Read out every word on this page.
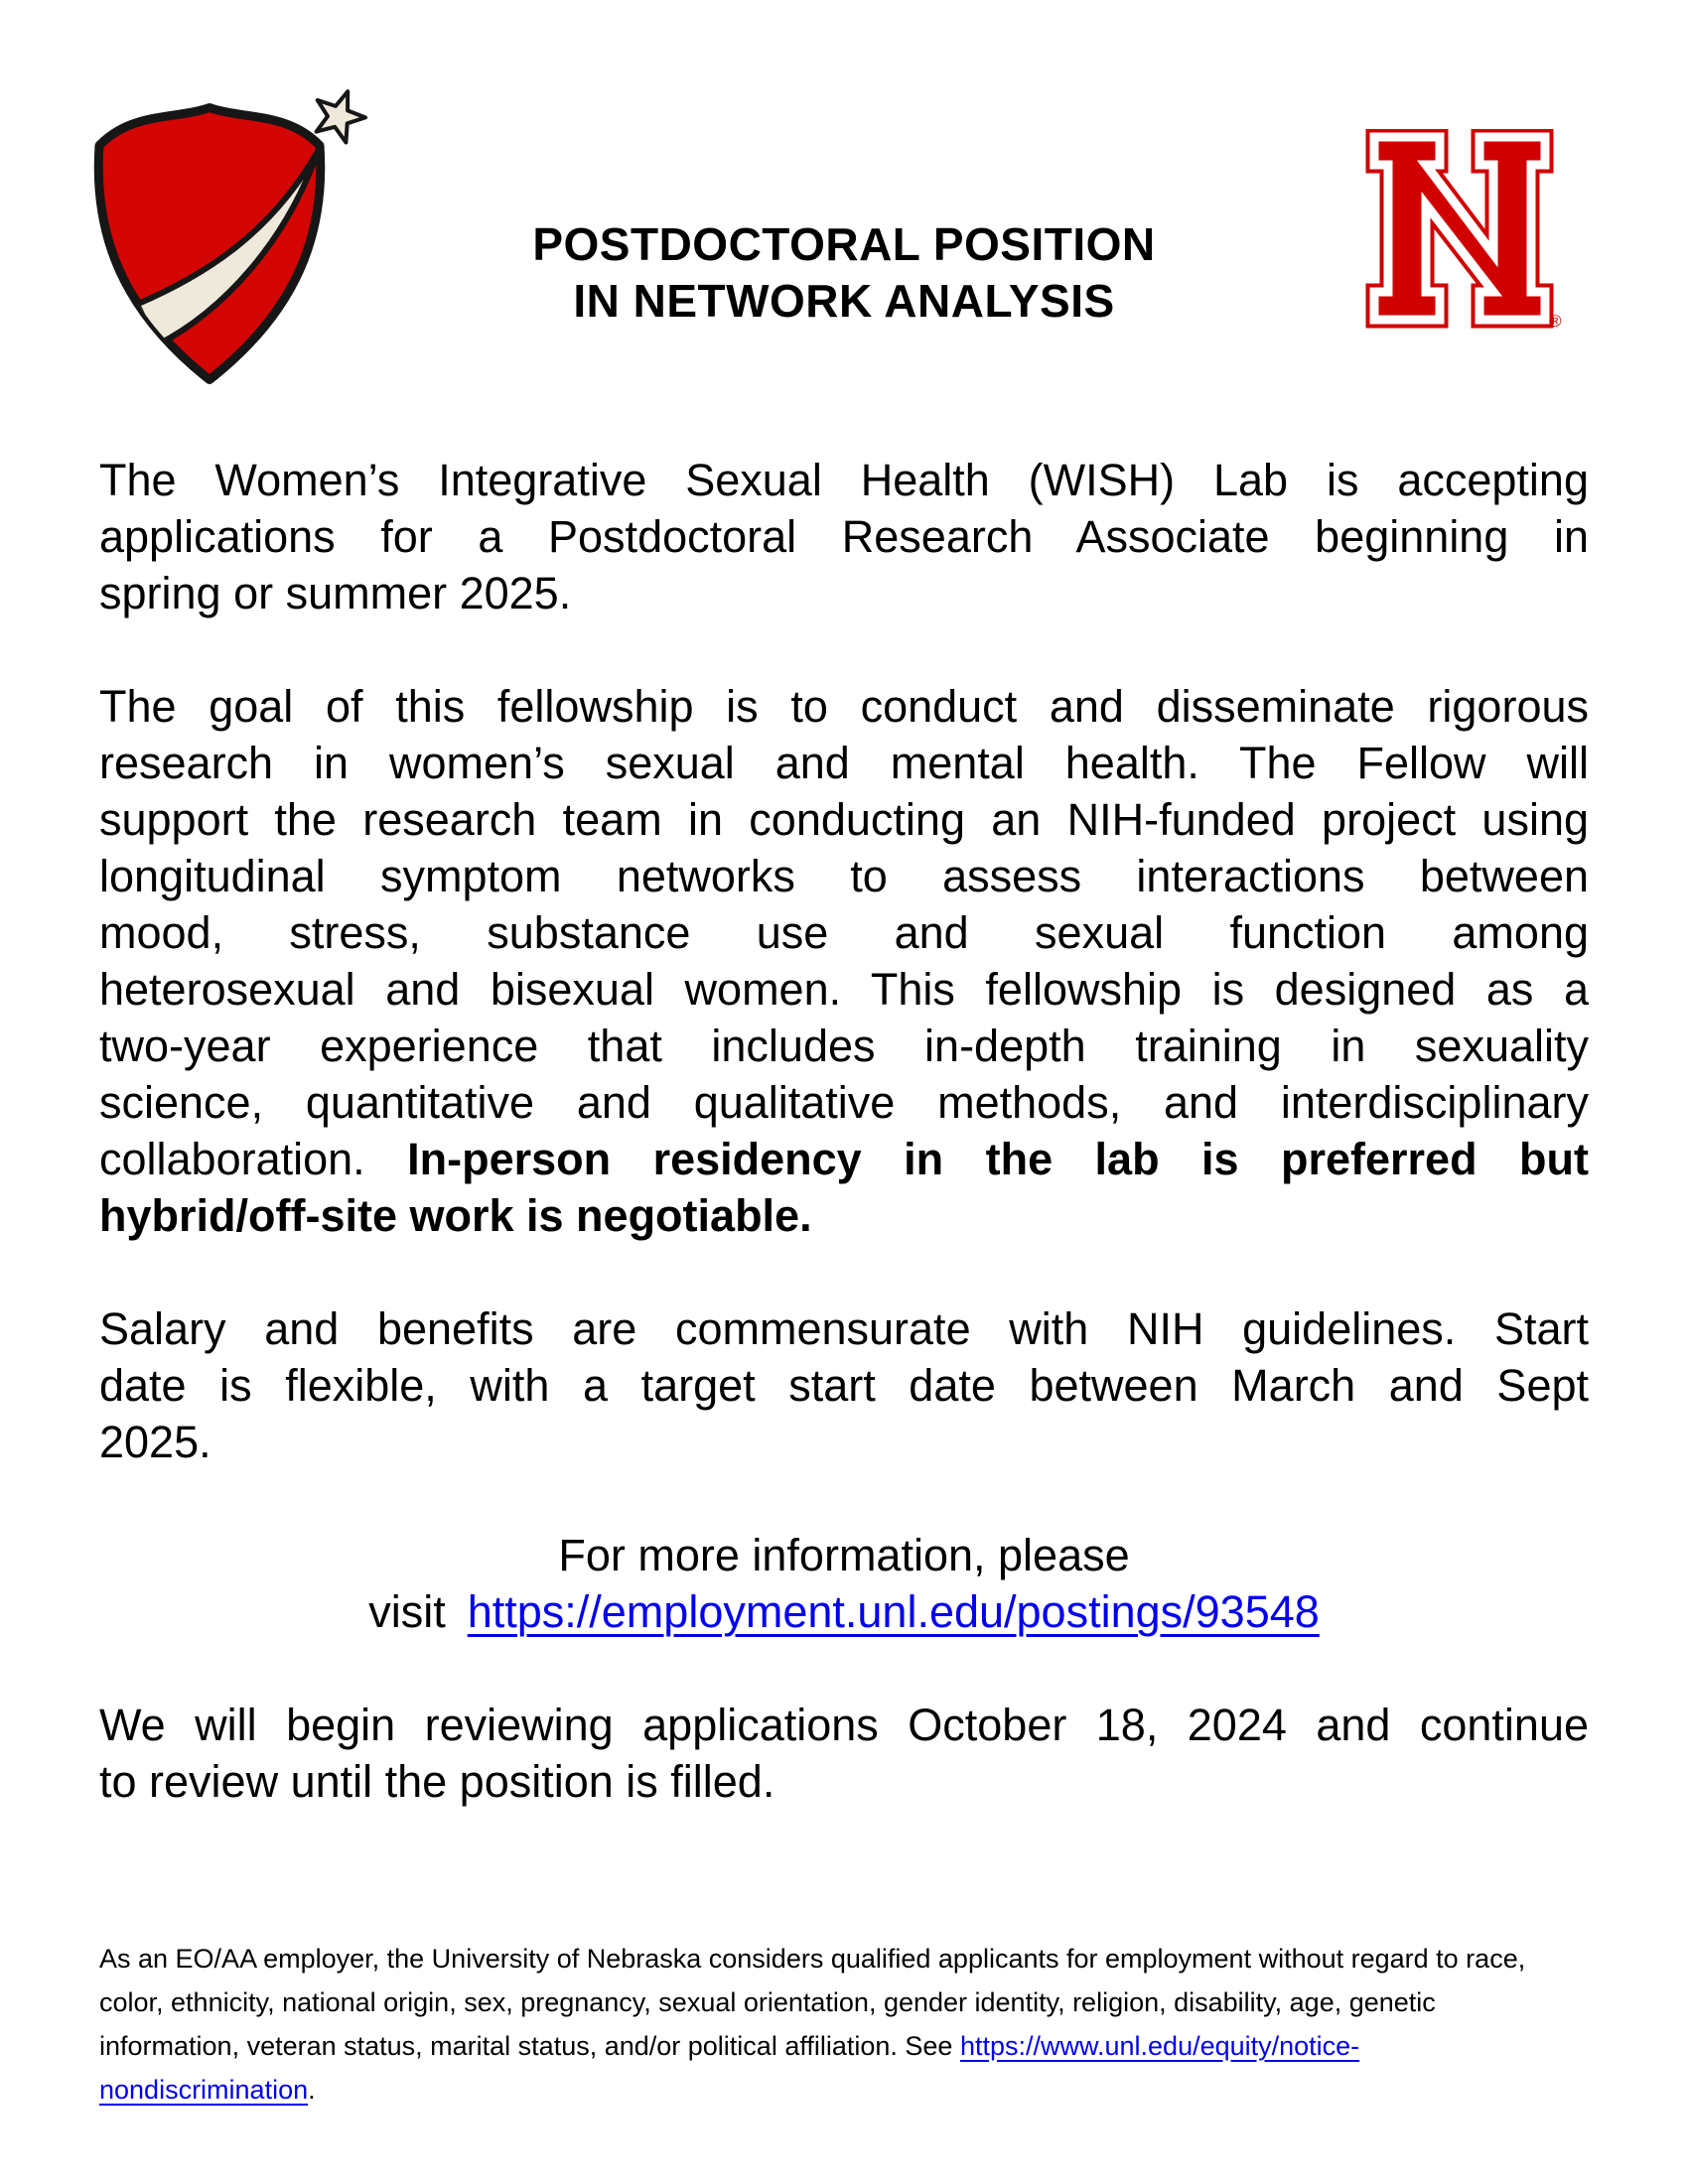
POSTDOCTORAL POSITION
IN NETWORK ANALYSIS	®
The Women’s Integrative Sexual Health (WISH) Lab is accepting
applications for a Postdoctoral Research Associate beginning in
spring or summer 2025.
The goal of this fellowship is to conduct and disseminate rigorous
research in women’s sexual and mental health. The Fellow will
support the research team in conducting an NIH-funded project using
longitudinal symptom networks to assess interactions between
mood, stress, substance use and sexual function among
heterosexual and bisexual women. This fellowship is designed as a
two-year experience that includes in-depth training in sexuality
science, quantitative and qualitative methods, and interdisciplinary
collaboration. In-person residency in the lab is preferred but
hybrid/off-site work is negotiable.
Salary and benefits are commensurate with NIH guidelines. Start
date is flexible, with a target start date between March and Sept
2025.
For more information, please
visit https://employment.unl.edu/postings/93548
We will begin reviewing applications October 18, 2024 and continue
to review until the position is filled.
As an EO/AA employer, the University of Nebraska considers qualified applicants for employment without regard to race,
color, ethnicity, national origin, sex, pregnancy, sexual orientation, gender identity, religion, disability, age, genetic
information, veteran status, marital status, and/or political affiliation. See https://www.unl.edu/equity/notice-
nondiscrimination.
